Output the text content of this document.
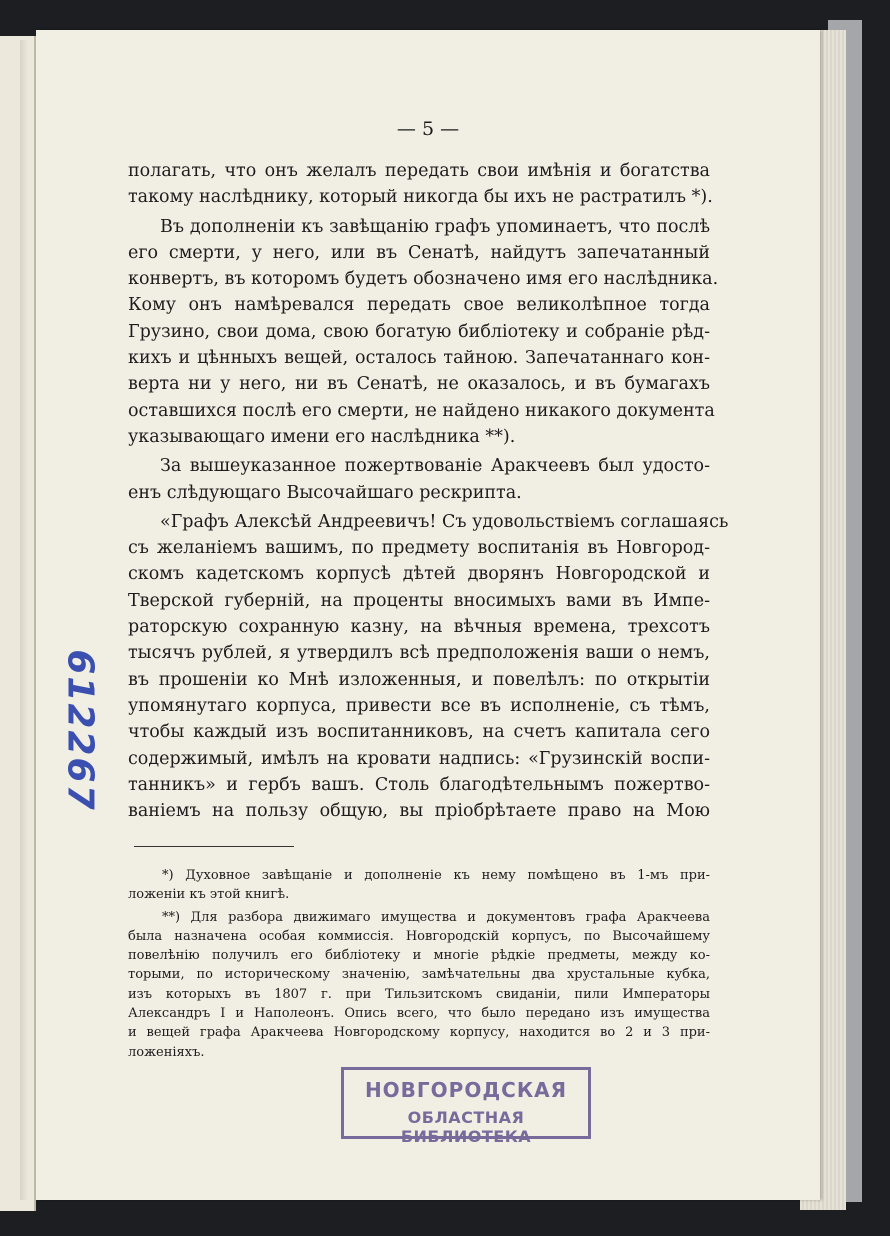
— 5 —
полагать, что онъ желалъ передать свои имѣнія и богатства
такому наслѣднику, который никогда бы ихъ не растратилъ *).
Въ дополненіи къ завѣщанію графъ упоминаетъ, что послѣ
его смерти, у него, или въ Сенатѣ, найдутъ запечатанный
конвертъ, въ которомъ будетъ обозначено имя его наслѣдника.
Кому онъ намѣревался передать свое великолѣпное тогда
Грузино, свои дома, свою богатую библіотеку и собраніе рѣд-
кихъ и цѣнныхъ вещей, осталось тайною. Запечатаннаго кон-
верта ни у него, ни въ Сенатѣ, не оказалось, и въ бумагахъ
оставшихся послѣ его смерти, не найдено никакого документа
указывающаго имени его наслѣдника **).
За вышеуказанное пожертвованіе Аракчеевъ был удосто-
енъ слѣдующаго Высочайшаго рескрипта.
«Графъ Алексѣй Андреевичъ! Съ удовольствіемъ соглашаясь
съ желаніемъ вашимъ, по предмету воспитанія въ Новгород-
скомъ кадетскомъ корпусѣ дѣтей дворянъ Новгородской и
Тверской губерній, на проценты вносимыхъ вами въ Импе-
раторскую сохранную казну, на вѣчныя времена, трехсотъ
тысячъ рублей, я утвердилъ всѣ предположенія ваши о немъ,
въ прошеніи ко Мнѣ изложенныя, и повелѣлъ: по открытіи
упомянутаго корпуса, привести все въ исполненіе, съ тѣмъ,
чтобы каждый изъ воспитанниковъ, на счетъ капитала сего
содержимый, имѣлъ на кровати надпись: «Грузинскій воспи-
танникъ» и гербъ вашъ. Столь благодѣтельнымъ пожертво-
ваніемъ на пользу общую, вы пріобрѣтаете право на Мою
*) Духовное завѣщаніе и дополненіе къ нему помѣщено въ 1-мъ при-
ложеніи къ этой книгѣ.
**) Для разбора движимаго имущества и документовъ графа Аракчеева
была назначена особая коммиссія. Новгородскій корпусъ, по Высочайшему
повелѣнію получилъ его библіотеку и многіе рѣдкіе предметы, между ко-
торыми, по историческому значенію, замѣчательны два хрустальные кубка,
изъ которыхъ въ 1807 г. при Тильзитскомъ свиданіи, пили Императоры
Александръ I и Наполеонъ. Опись всего, что было передано изъ имущества
и вещей графа Аракчеева Новгородскому корпусу, находится во 2 и 3 при-
ложеніяхъ.
НОВГОРОДСКАЯ
ОБЛАСТНАЯ БИБЛИОТЕКА
612267
